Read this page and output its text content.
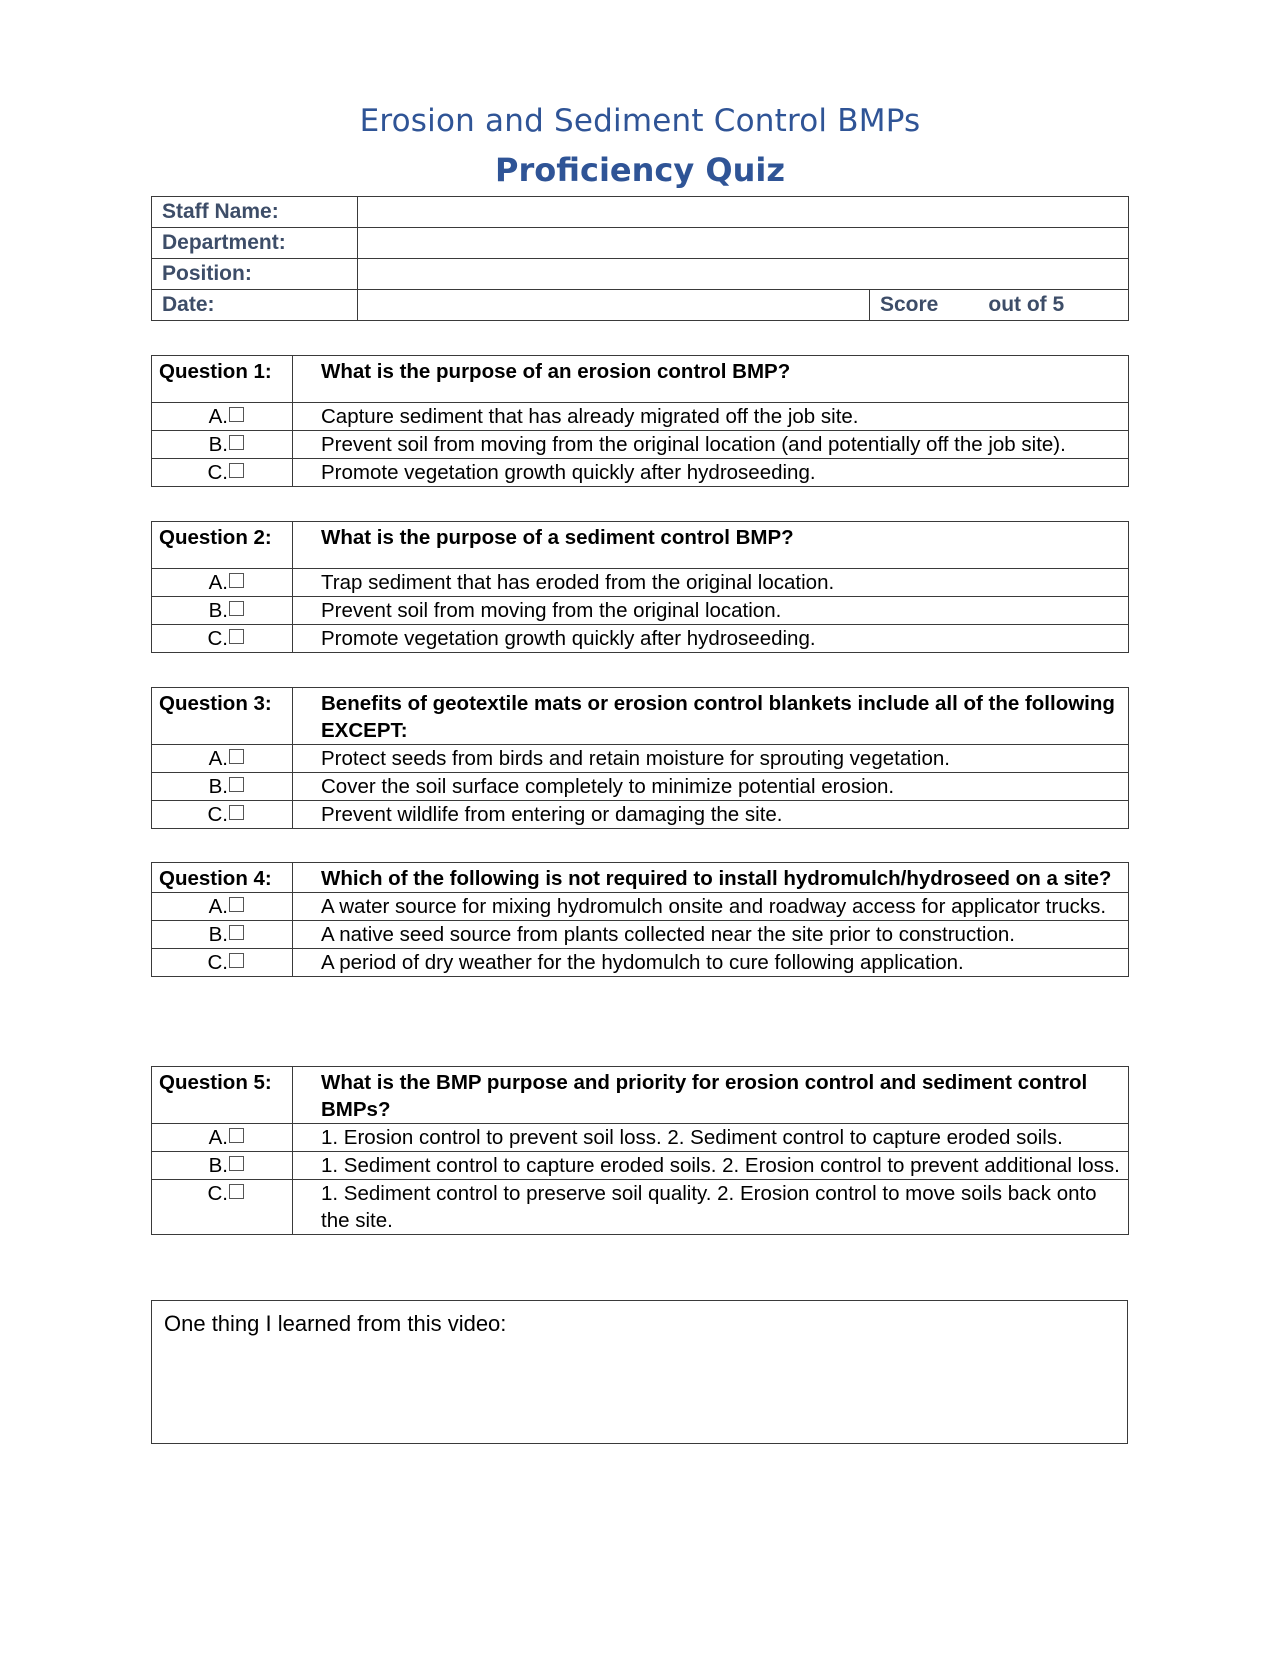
Erosion and Sediment Control BMPs
Proficiency Quiz
Staff Name:		
Department:		
Position:		
Date:		Score out of 5
Question 1:	What is the purpose of an erosion control BMP?
A.	Capture sediment that has already migrated off the job site.
B.	Prevent soil from moving from the original location (and potentially off the job site).
C.	Promote vegetation growth quickly after hydroseeding.
Question 2:	What is the purpose of a sediment control BMP?
A.	Trap sediment that has eroded from the original location.
B.	Prevent soil from moving from the original location.
C.	Promote vegetation growth quickly after hydroseeding.
Question 3:	Benefits of geotextile mats or erosion control blankets include all of the following EXCEPT:
A.	Protect seeds from birds and retain moisture for sprouting vegetation.
B.	Cover the soil surface completely to minimize potential erosion.
C.	Prevent wildlife from entering or damaging the site.
Question 4:	Which of the following is not required to install hydromulch/hydroseed on a site?
A.	A water source for mixing hydromulch onsite and roadway access for applicator trucks.
B.	A native seed source from plants collected near the site prior to construction.
C.	A period of dry weather for the hydomulch to cure following application.
Question 5:	What is the BMP purpose and priority for erosion control and sediment control BMPs?
A.	1. Erosion control to prevent soil loss. 2. Sediment control to capture eroded soils.
B.	1. Sediment control to capture eroded soils. 2. Erosion control to prevent additional loss.
C.	1. Sediment control to preserve soil quality. 2. Erosion control to move soils back onto the site.
One thing I learned from this video:
